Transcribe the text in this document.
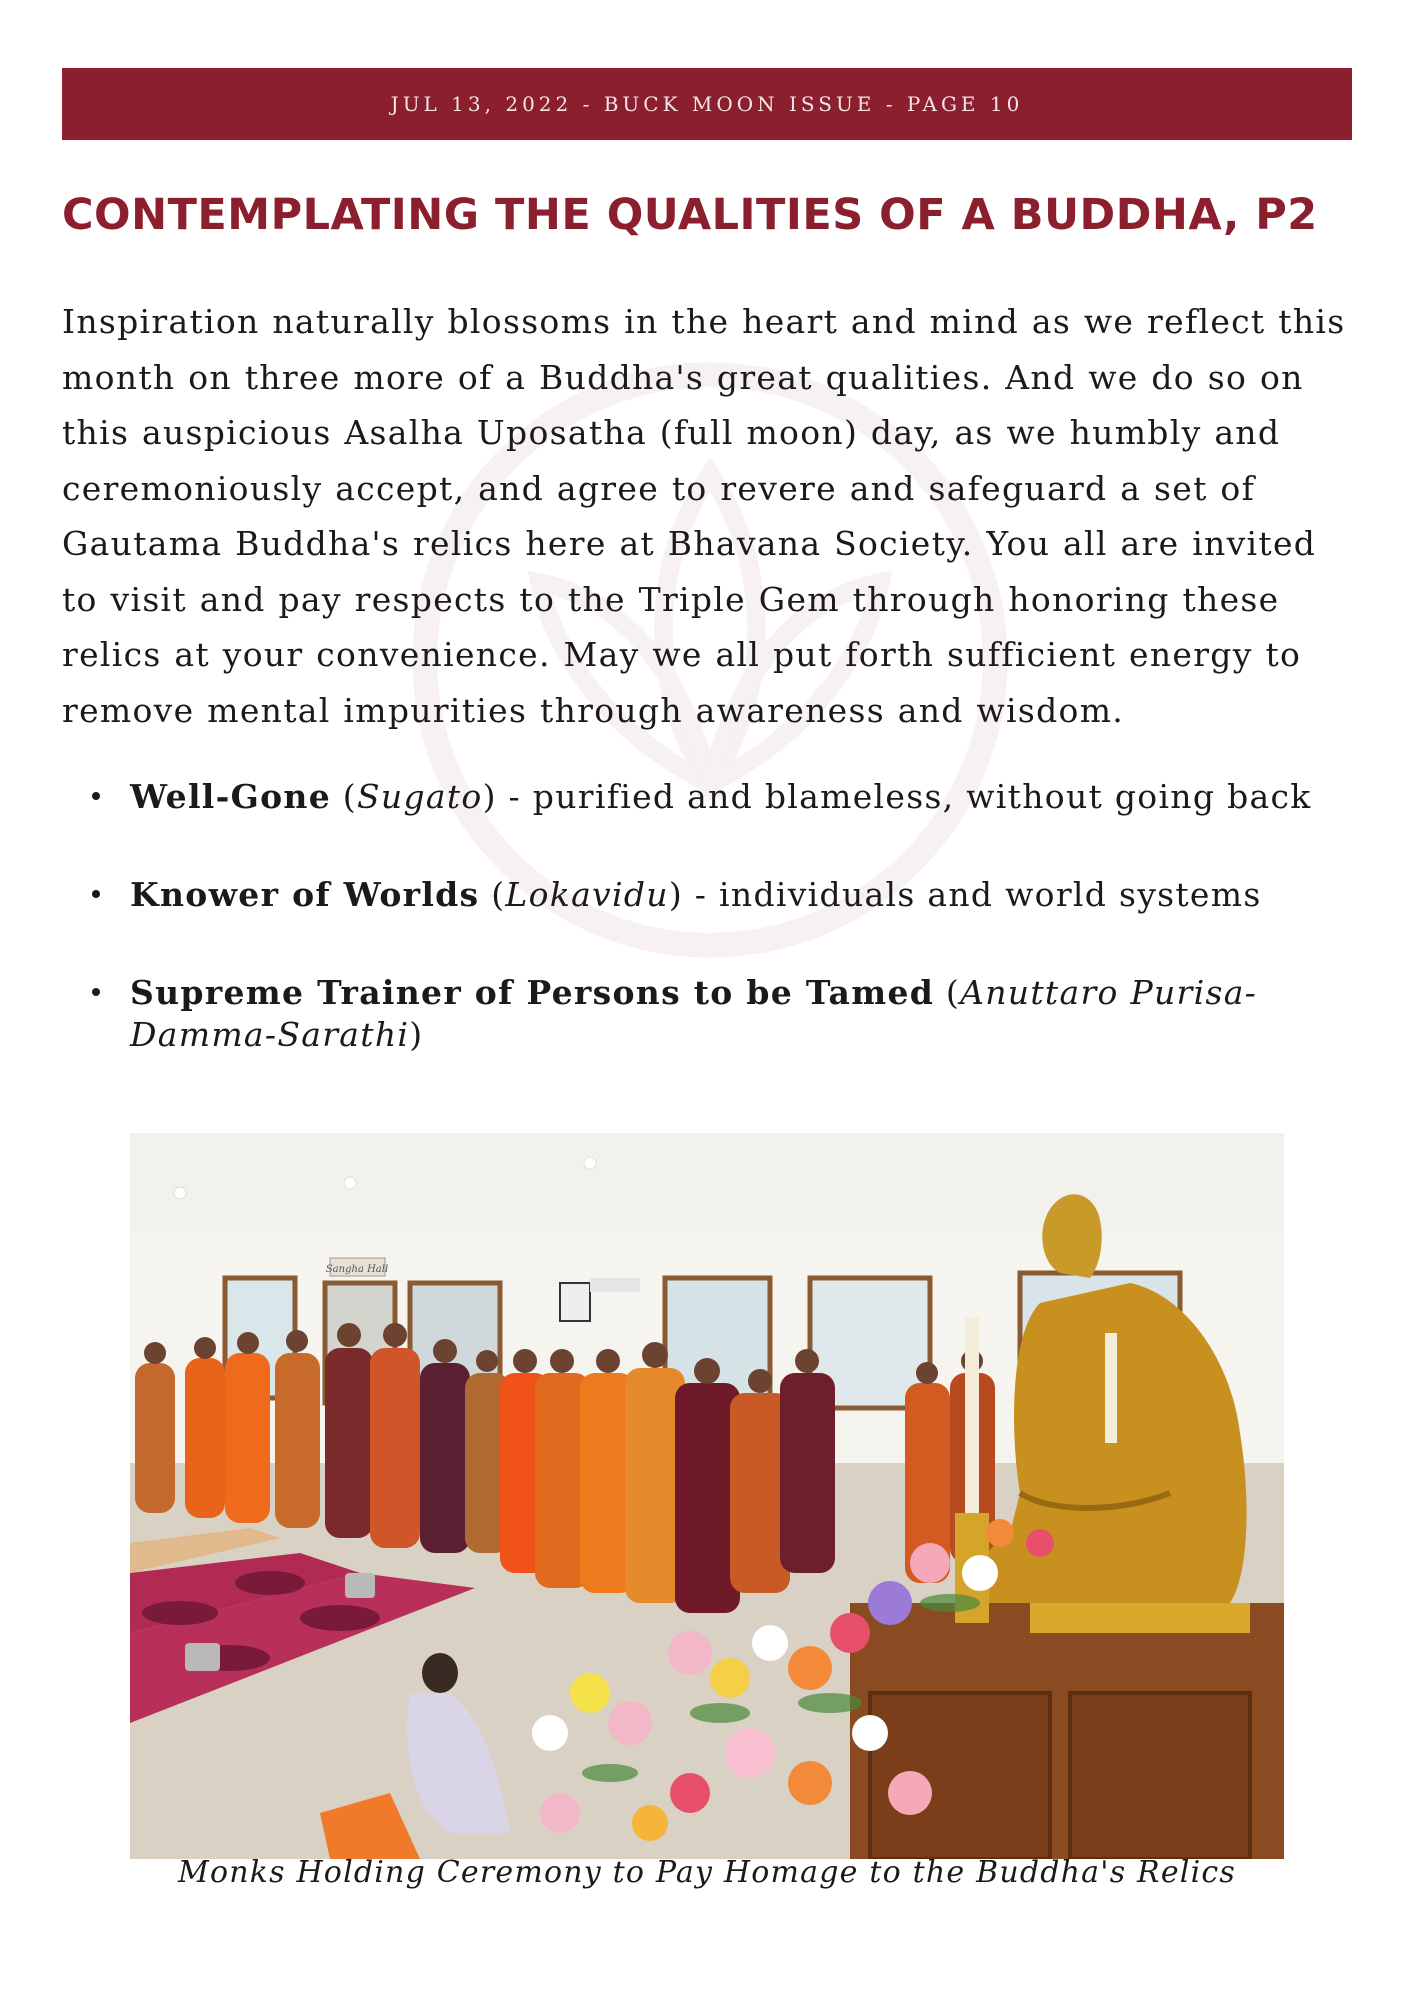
JUL 13, 2022 - BUCK MOON ISSUE - PAGE 10
CONTEMPLATING THE QUALITIES OF A BUDDHA, P2

Inspiration naturally blossoms in the heart and mind as we reflect this month on three more of a Buddha's great qualities. And we do so on this auspicious Asalha Uposatha (full moon) day, as we humbly and ceremoniously accept, and agree to revere and safeguard a set of Gautama Buddha's relics here at Bhavana Society. You all are invited to visit and pay respects to the Triple Gem through honoring these relics at your convenience. May we all put forth sufficient energy to remove mental impurities through awareness and wisdom.

Well-Gone (Sugato) - purified and blameless, without going back
Knower of Worlds (Lokavidu) - individuals and world systems
Supreme Trainer of Persons to be Tamed (Anuttaro Purisa-Damma-Sarathi)
Sangha Hall
Monks Holding Ceremony to Pay Homage to the Buddha's Relics
